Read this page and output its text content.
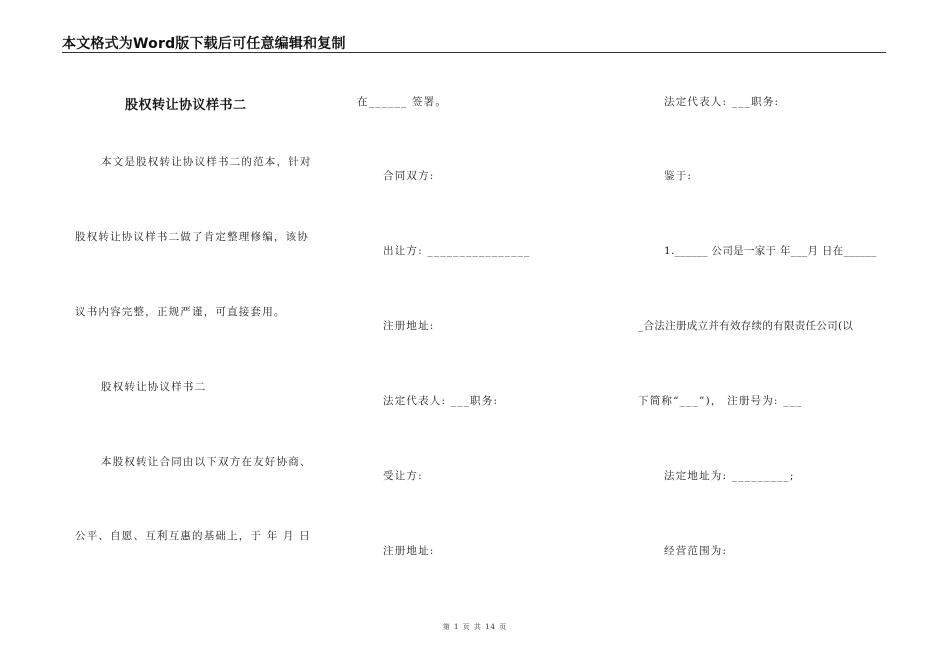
本文格式为Word版下载后可任意编辑和复制
股权转让协议样书二
本文是股权转让协议样书二的范本，针对
股权转让协议样书二做了肯定整理修编，该协
议书内容完整，正规严谨，可直接套用。
股权转让协议样书二
本股权转让合同由以下双方在友好协商、
公平、自愿、互利互惠的基础上，于 年 月 日
在______ 签署。
合同双方:
出让方: ________________
注册地址:
法定代表人: ___职务:
受让方:
注册地址:
法定代表人: ___职务:
鉴于:
1.______ 公司是一家于 年___月 日在______
_合法注册成立并有效存续的有限责任公司(以
下简称“___”)， 注册号为: ___
法定地址为: _________;
经营范围为:
第 1 页 共 14 页
